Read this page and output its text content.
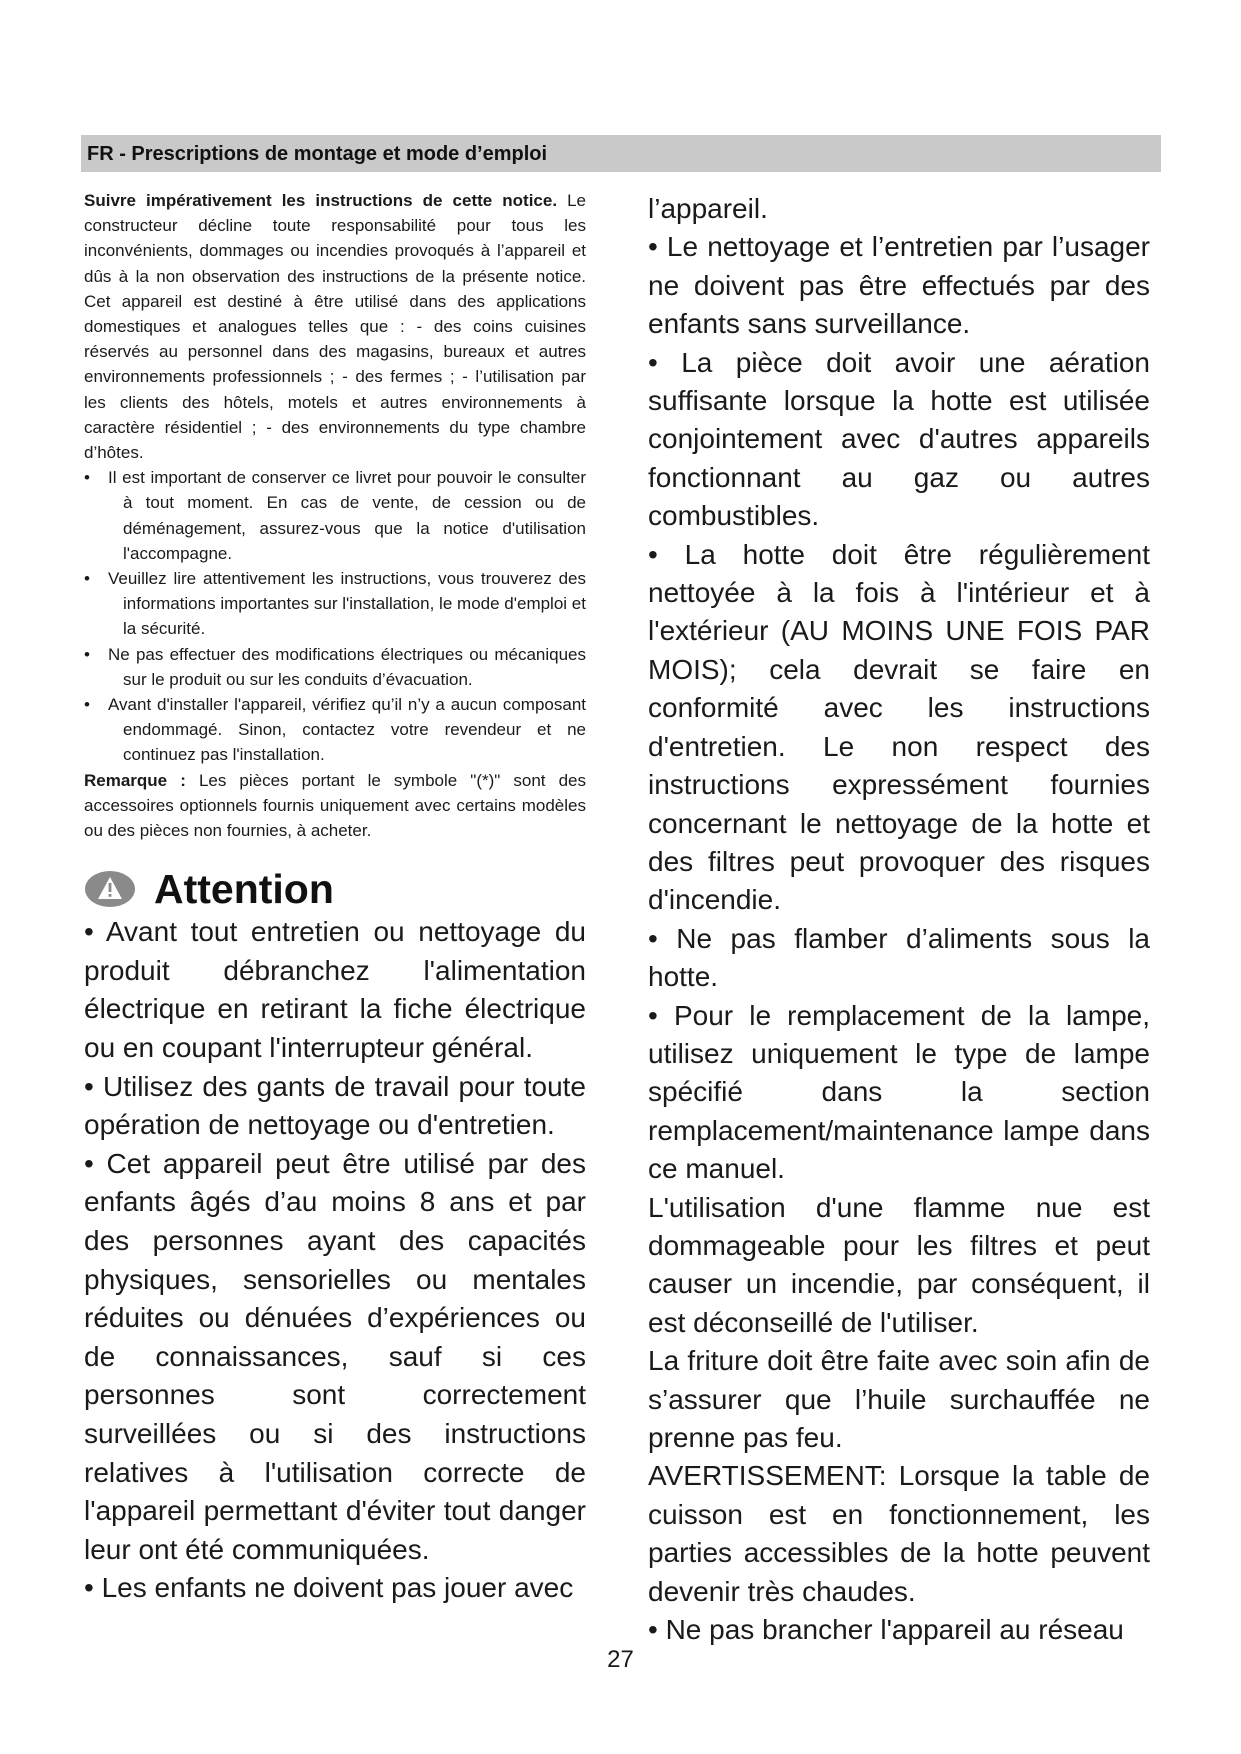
FR - Prescriptions de montage et mode d’emploi

Suivre impérativement les instructions de cette notice. Le constructeur décline toute responsabilité pour tous les inconvénients, dommages ou incendies provoqués à l’appareil et dûs à la non observation des instructions de la présente notice. Cet appareil est destiné à être utilisé dans des applications domestiques et analogues telles que : - des coins cuisines réservés au personnel dans des magasins, bureaux et autres environnements professionnels ; - des fermes ; - l’utilisation par les clients des hôtels, motels et autres environnements à caractère résidentiel ; - des environnements du type chambre d’hôtes.

• Il est important de conserver ce livret pour pouvoir le consulter à tout moment. En cas de vente, de cession ou de déménagement, assurez-vous que la notice d'utilisation l'accompagne.
• Veuillez lire attentivement les instructions, vous trouverez des informations importantes sur l'installation, le mode d'emploi et la sécurité.
• Ne pas effectuer des modifications électriques ou mécaniques sur le produit ou sur les conduits d’évacuation.
• Avant d'installer l'appareil, vérifiez qu’il n’y a aucun composant endommagé. Sinon, contactez votre revendeur et ne continuez pas l'installation.

Remarque : Les pièces portant le symbole "(*)" sont des accessoires optionnels fournis uniquement avec certains modèles ou des pièces non fournies, à acheter.

Attention

• Avant tout entretien ou nettoyage du produit débranchez l'alimentation électrique en retirant la fiche électrique ou en coupant l'interrupteur général.

• Utilisez des gants de travail pour toute opération de nettoyage ou d'entretien.

• Cet appareil peut être utilisé par des enfants âgés d’au moins 8 ans et par des personnes ayant des capacités physiques, sensorielles ou mentales réduites ou dénuées d’expériences ou de connaissances, sauf si ces personnes sont correctement surveillées ou si des instructions relatives à l'utilisation correcte de l'appareil permettant d'éviter tout danger leur ont été communiquées.

• Les enfants ne doivent pas jouer avec

l’appareil.

• Le nettoyage et l’entretien par l’usager ne doivent pas être effectués par des enfants sans surveillance.

• La pièce doit avoir une aération suffisante lorsque la hotte est utilisée conjointement avec d'autres appareils fonctionnant au gaz ou autres combustibles.

• La hotte doit être régulièrement nettoyée à la fois à l'intérieur et à l'extérieur (AU MOINS UNE FOIS PAR MOIS); cela devrait se faire en conformité avec les instructions d'entretien. Le non respect des instructions expressément fournies concernant le nettoyage de la hotte et des filtres peut provoquer des risques d'incendie.

• Ne pas flamber d’aliments sous la hotte.

• Pour le remplacement de la lampe, utilisez uniquement le type de lampe spécifié dans la section remplacement/maintenance lampe dans ce manuel.

L'utilisation d'une flamme nue est dommageable pour les filtres et peut causer un incendie, par conséquent, il est déconseillé de l'utiliser.

La friture doit être faite avec soin afin de s’assurer que l’huile surchauffée ne prenne pas feu.

AVERTISSEMENT: Lorsque la table de cuisson est en fonctionnement, les parties accessibles de la hotte peuvent devenir très chaudes.

• Ne pas brancher l'appareil au réseau

27
